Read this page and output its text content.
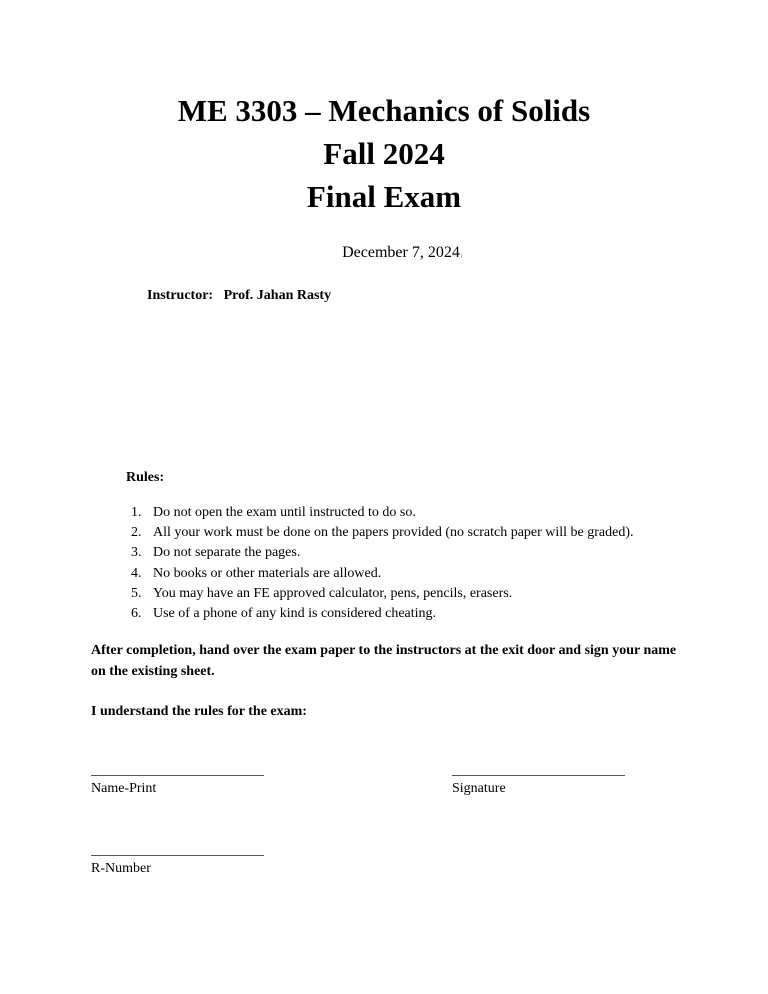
ME 3303 – Mechanics of Solids
Fall 2024
Final Exam
December 7, 2024|
Instructor: Prof. Jahan Rasty
Rules:
1. Do not open the exam until instructed to do so.
2. All your work must be done on the papers provided (no scratch paper will be graded).
3. Do not separate the pages.
4. No books or other materials are allowed.
5. You may have an FE approved calculator, pens, pencils, erasers.
6. Use of a phone of any kind is considered cheating.
After completion, hand over the exam paper to the instructors at the exit door and sign your name on the existing sheet.
I understand the rules for the exam:
Name-Print	Signature
R-Number
